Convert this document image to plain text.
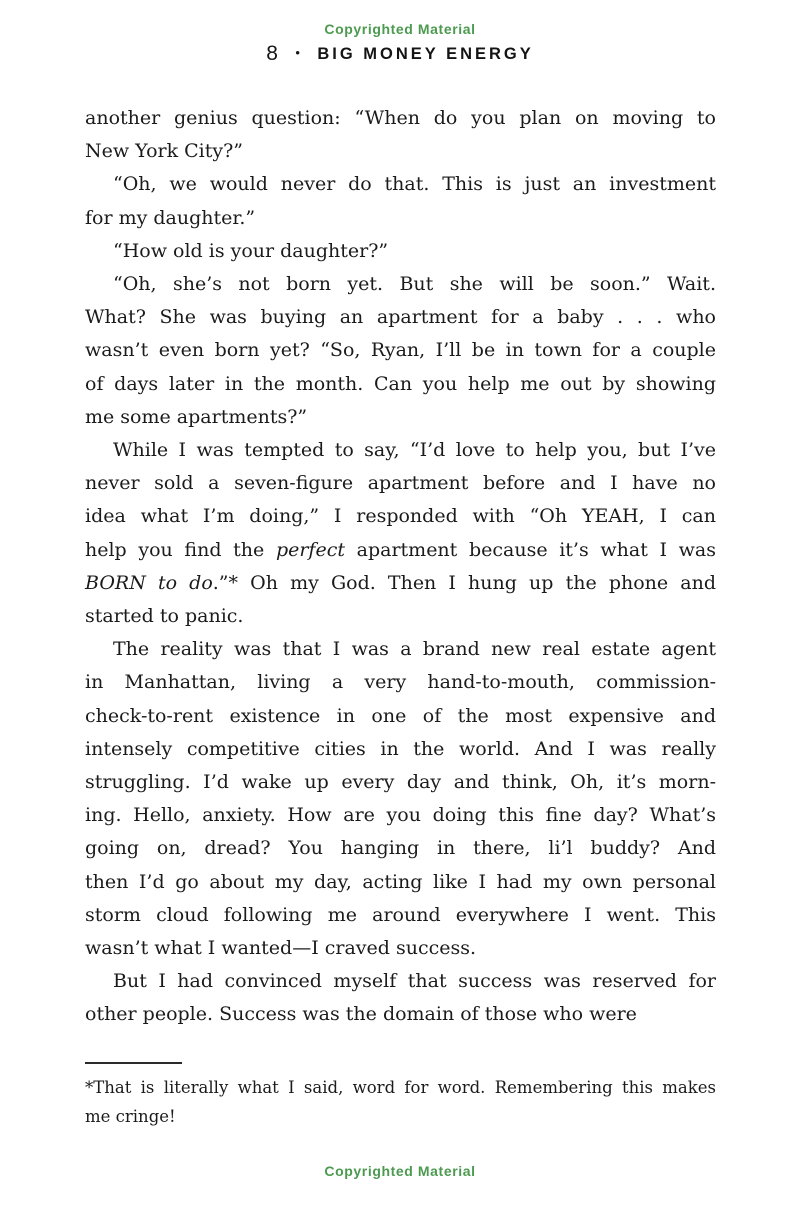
Copyrighted Material
8 • BIG MONEY ENERGY
another genius question: “When do you plan on moving to
New York City?”
“Oh, we would never do that. This is just an investment
for my daughter.”
“How old is your daughter?”
“Oh, she’s not born yet. But she will be soon.” Wait.
What? She was buying an apartment for a baby . . . who
wasn’t even born yet? “So, Ryan, I’ll be in town for a couple
of days later in the month. Can you help me out by showing
me some apartments?”
While I was tempted to say, “I’d love to help you, but I’ve
never sold a seven-figure apartment before and I have no
idea what I’m doing,” I responded with “Oh YEAH, I can
help you find the perfect apartment because it’s what I was
BORN to do.”* Oh my God. Then I hung up the phone and
started to panic.
The reality was that I was a brand new real estate agent
in Manhattan, living a very hand-to-mouth, commission-
check-to-rent existence in one of the most expensive and
intensely competitive cities in the world. And I was really
struggling. I’d wake up every day and think, Oh, it’s morn-
ing. Hello, anxiety. How are you doing this fine day? What’s
going on, dread? You hanging in there, li’l buddy? And
then I’d go about my day, acting like I had my own personal
storm cloud following me around everywhere I went. This
wasn’t what I wanted—I craved success.
But I had convinced myself that success was reserved for
other people. Success was the domain of those who were
*That is literally what I said, word for word. Remembering this makes
me cringe!
Copyrighted Material
